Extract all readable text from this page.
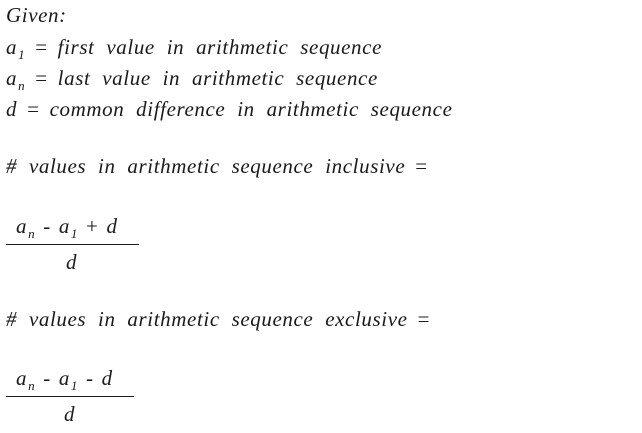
Given:
$a_1$ = first value in arithmetic sequence
$a_n$ = last value in arithmetic sequence
d = common difference in arithmetic sequence
# values in arithmetic sequence inclusive =
$a_n - a_1 + d$
d
# values in arithmetic sequence exclusive =
$a_n - a_1$ - d
d
